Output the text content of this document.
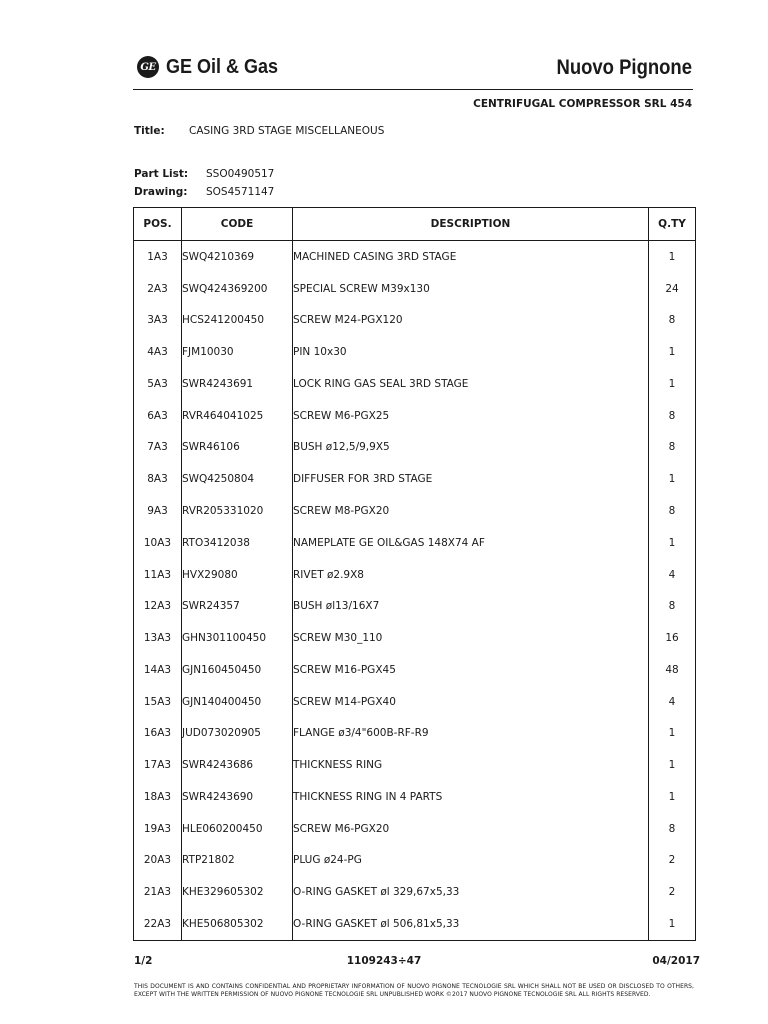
GE GE Oil & Gas	Nuovo Pignone
CENTRIFUGAL COMPRESSOR SRL 454
Title: CASING 3RD STAGE MISCELLANEOUS
Part List: SSO0490517
Drawing: SOS4571147
POS.	CODE	DESCRIPTION	Q.TY
1A3	SWQ4210369	MACHINED CASING 3RD STAGE	1
2A3	SWQ424369200	SPECIAL SCREW M39x130	24
3A3	HCS241200450	SCREW M24-PGX120	8
4A3	FJM10030	PIN 10x30	1
5A3	SWR4243691	LOCK RING GAS SEAL 3RD STAGE	1
6A3	RVR464041025	SCREW M6-PGX25	8
7A3	SWR46106	BUSH ø12,5/9,9X5	8
8A3	SWQ4250804	DIFFUSER FOR 3RD STAGE	1
9A3	RVR205331020	SCREW M8-PGX20	8
10A3	RTO3412038	NAMEPLATE GE OIL&GAS 148X74 AF	1
11A3	HVX29080	RIVET ø2.9X8	4
12A3	SWR24357	BUSH øl13/16X7	8
13A3	GHN301100450	SCREW M30_110	16
14A3	GJN160450450	SCREW M16-PGX45	48
15A3	GJN140400450	SCREW M14-PGX40	4
16A3	JUD073020905	FLANGE ø3/4"600B-RF-R9	1
17A3	SWR4243686	THICKNESS RING	1
18A3	SWR4243690	THICKNESS RING IN 4 PARTS	1
19A3	HLE060200450	SCREW M6-PGX20	8
20A3	RTP21802	PLUG ø24-PG	2
21A3	KHE329605302	O-RING GASKET øl 329,67x5,33	2
22A3	KHE506805302	O-RING GASKET øl 506,81x5,33	1
1/2	1109243÷47	04/2017
THIS DOCUMENT IS AND CONTAINS CONFIDENTIAL AND PROPRIETARY INFORMATION OF NUOVO PIGNONE TECNOLOGIE SRL WHICH SHALL NOT BE USED OR DISCLOSED TO OTHERS, EXCEPT WITH THE WRITTEN PERMISSION OF NUOVO PIGNONE TECNOLOGIE SRL UNPUBLISHED WORK ©2017 NUOVO PIGNONE TECNOLOGIE SRL ALL RIGHTS RESERVED.
